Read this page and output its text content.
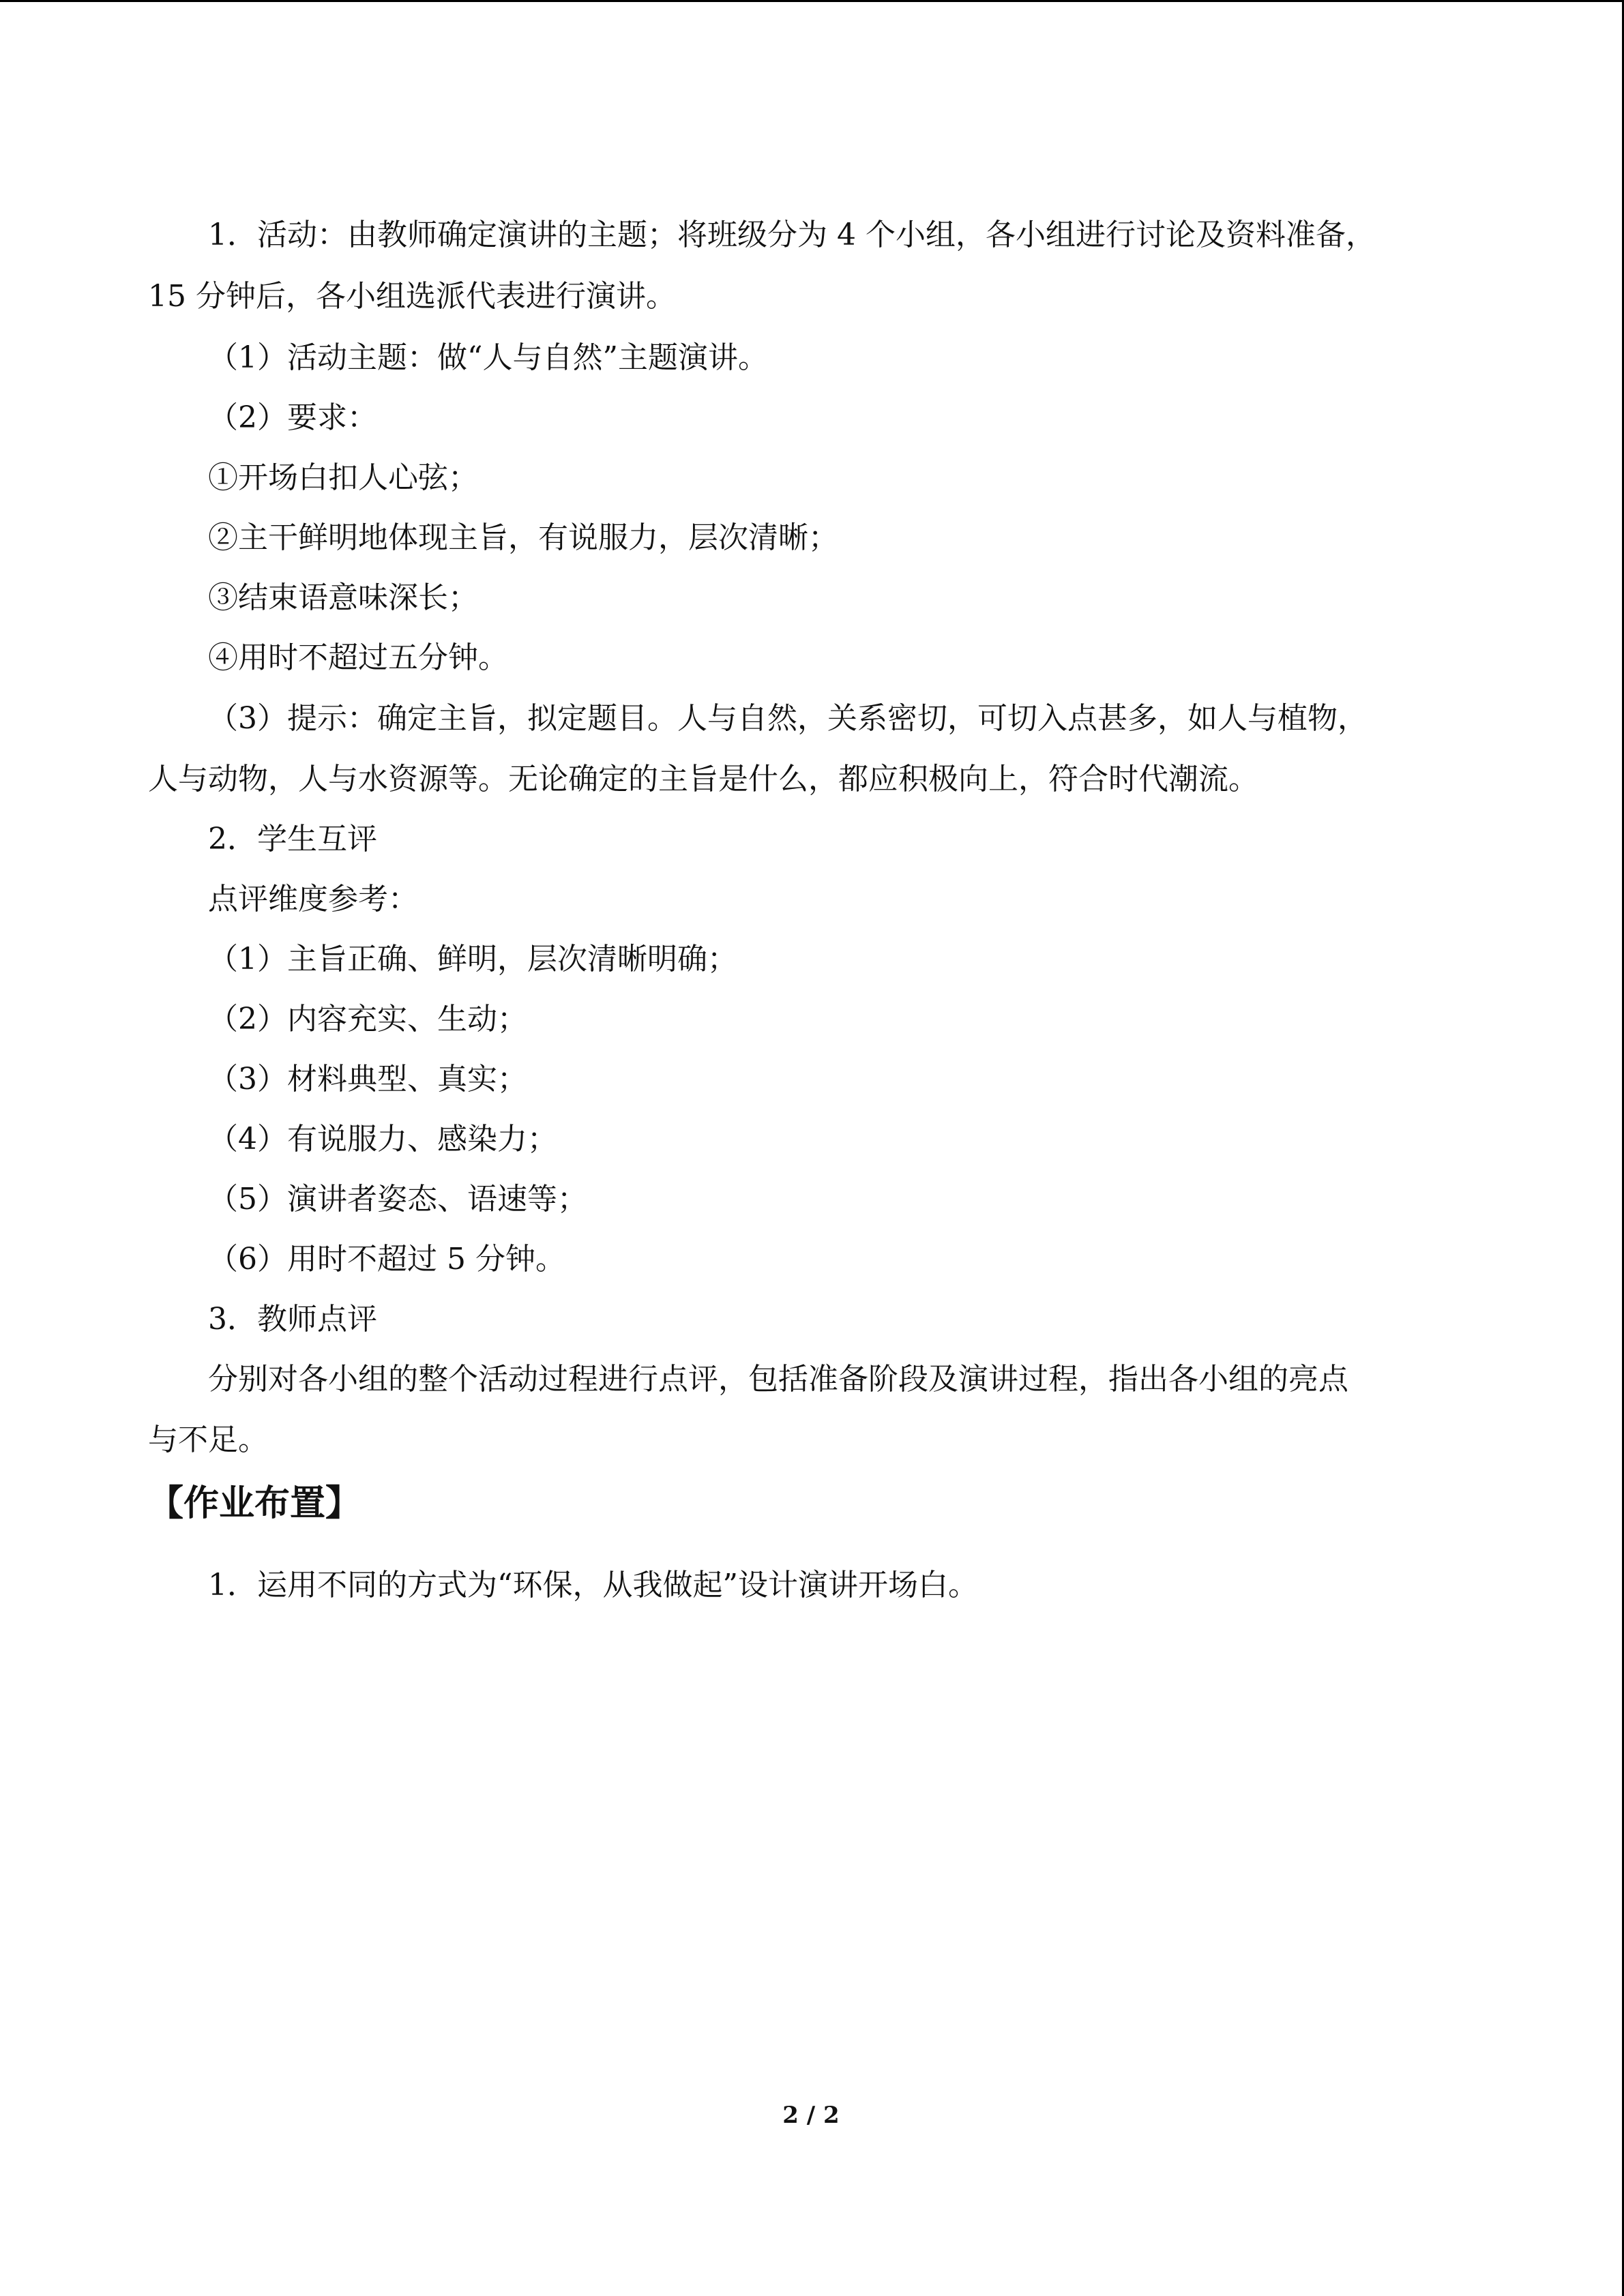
1．活动：由教师确定演讲的主题；将班级分为 4 个小组，各小组进行讨论及资料准备，
15 分钟后，各小组选派代表进行演讲。
（1）活动主题：做“人与自然”主题演讲。
（2）要求：
①开场白扣人心弦；
②主干鲜明地体现主旨，有说服力，层次清晰；
③结束语意味深长；
④用时不超过五分钟。
（3）提示：确定主旨，拟定题目。人与自然，关系密切，可切入点甚多，如人与植物，
人与动物，人与水资源等。无论确定的主旨是什么，都应积极向上，符合时代潮流。
2．学生互评
点评维度参考：
（1）主旨正确、鲜明，层次清晰明确；
（2）内容充实、生动；
（3）材料典型、真实；
（4）有说服力、感染力；
（5）演讲者姿态、语速等；
（6）用时不超过 5 分钟。
3．教师点评
分别对各小组的整个活动过程进行点评，包括准备阶段及演讲过程，指出各小组的亮点
与不足。
【作业布置】
1．运用不同的方式为“环保，从我做起”设计演讲开场白。
2 / 2
